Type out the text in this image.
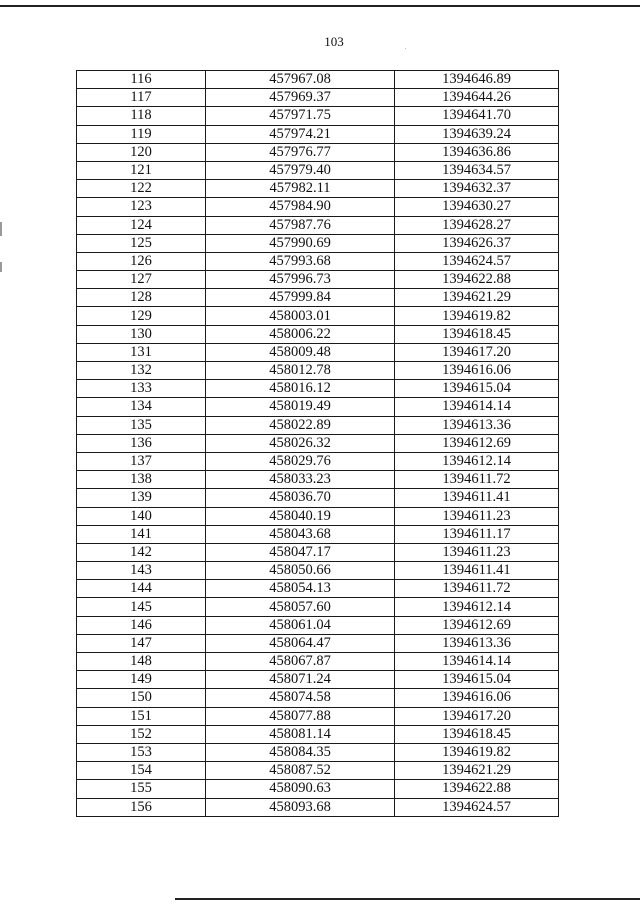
103
116	457967.08	1394646.89
117	457969.37	1394644.26
118	457971.75	1394641.70
119	457974.21	1394639.24
120	457976.77	1394636.86
121	457979.40	1394634.57
122	457982.11	1394632.37
123	457984.90	1394630.27
124	457987.76	1394628.27
125	457990.69	1394626.37
126	457993.68	1394624.57
127	457996.73	1394622.88
128	457999.84	1394621.29
129	458003.01	1394619.82
130	458006.22	1394618.45
131	458009.48	1394617.20
132	458012.78	1394616.06
133	458016.12	1394615.04
134	458019.49	1394614.14
135	458022.89	1394613.36
136	458026.32	1394612.69
137	458029.76	1394612.14
138	458033.23	1394611.72
139	458036.70	1394611.41
140	458040.19	1394611.23
141	458043.68	1394611.17
142	458047.17	1394611.23
143	458050.66	1394611.41
144	458054.13	1394611.72
145	458057.60	1394612.14
146	458061.04	1394612.69
147	458064.47	1394613.36
148	458067.87	1394614.14
149	458071.24	1394615.04
150	458074.58	1394616.06
151	458077.88	1394617.20
152	458081.14	1394618.45
153	458084.35	1394619.82
154	458087.52	1394621.29
155	458090.63	1394622.88
156	458093.68	1394624.57
